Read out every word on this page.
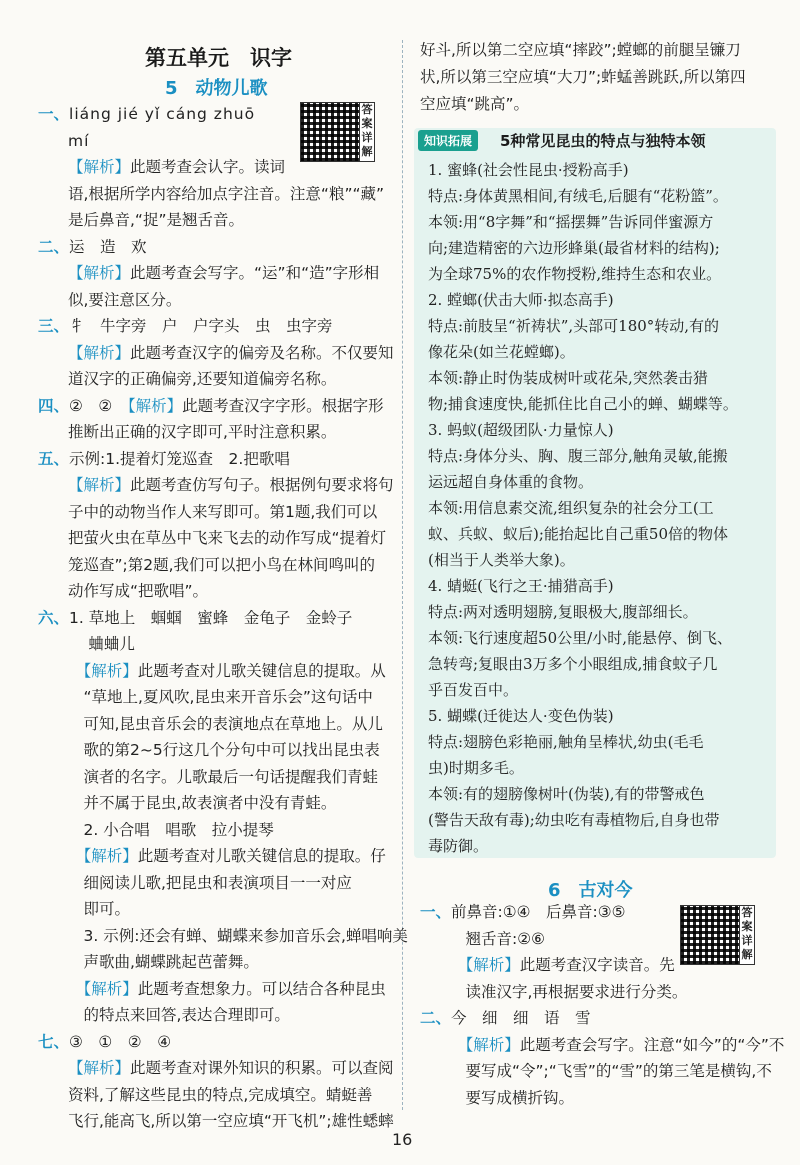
第五单元　识字
5　动物儿歌
答案详解
一、liáng jié yǐ cáng zhuō
mí
【解析】此题考查会认字。读词
语,根据所学内容给加点字注音。注意“粮”“藏”
是后鼻音,“捉”是翘舌音。
二、运　造　欢
【解析】此题考查会写字。“运”和“造”字形相
似,要注意区分。
三、牜　牛字旁　户　户字头　虫　虫字旁
【解析】此题考查汉字的偏旁及名称。不仅要知
道汉字的正确偏旁,还要知道偏旁名称。
四、②　②　【解析】此题考查汉字字形。根据字形
推断出正确的汉字即可,平时注意积累。
五、示例:1.提着灯笼巡查　2.把歌唱
【解析】此题考查仿写句子。根据例句要求将句
子中的动物当作人来写即可。第1题,我们可以
把萤火虫在草丛中飞来飞去的动作写成“提着灯
笼巡查”;第2题,我们可以把小鸟在林间鸣叫的
动作写成“把歌唱”。
六、1. 草地上　蝈蝈　蜜蜂　金龟子　金蛉子
　 蛐蛐儿
　【解析】此题考查对儿歌关键信息的提取。从
　“草地上,夏风吹,昆虫来开音乐会”这句话中
　可知,昆虫音乐会的表演地点在草地上。从儿
　歌的第2~5行这几个分句中可以找出昆虫表
　演者的名字。儿歌最后一句话提醒我们青蛙
　并不属于昆虫,故表演者中没有青蛙。
　2. 小合唱　唱歌　拉小提琴
　【解析】此题考查对儿歌关键信息的提取。仔
　细阅读儿歌,把昆虫和表演项目一一对应
　即可。
　3. 示例:还会有蝉、蝴蝶来参加音乐会,蝉唱响美
　声歌曲,蝴蝶跳起芭蕾舞。
　【解析】此题考查想象力。可以结合各种昆虫
　的特点来回答,表达合理即可。
七、③　①　②　④
【解析】此题考查对课外知识的积累。可以查阅
资料,了解这些昆虫的特点,完成填空。蜻蜓善
飞行,能高飞,所以第一空应填“开飞机”;雄性蟋蟀
好斗,所以第二空应填“摔跤”;螳螂的前腿呈镰刀
状,所以第三空应填“大刀”;蚱蜢善跳跃,所以第四
空应填“跳高”。
知识拓展	5种常见昆虫的特点与独特本领
1. 蜜蜂(社会性昆虫·授粉高手)
特点:身体黄黑相间,有绒毛,后腿有“花粉篮”。
本领:用“8字舞”和“摇摆舞”告诉同伴蜜源方
向;建造精密的六边形蜂巢(最省材料的结构);
为全球75%的农作物授粉,维持生态和农业。
2. 螳螂(伏击大师·拟态高手)
特点:前肢呈“祈祷状”,头部可180°转动,有的
像花朵(如兰花螳螂)。
本领:静止时伪装成树叶或花朵,突然袭击猎
物;捕食速度快,能抓住比自己小的蝉、蝴蝶等。
3. 蚂蚁(超级团队·力量惊人)
特点:身体分头、胸、腹三部分,触角灵敏,能搬
运远超自身体重的食物。
本领:用信息素交流,组织复杂的社会分工(工
蚁、兵蚁、蚁后);能抬起比自己重50倍的物体
(相当于人类举大象)。
4. 蜻蜓(飞行之王·捕猎高手)
特点:两对透明翅膀,复眼极大,腹部细长。
本领:飞行速度超50公里/小时,能悬停、倒飞、
急转弯;复眼由3万多个小眼组成,捕食蚊子几
乎百发百中。
5. 蝴蝶(迁徙达人·变色伪装)
特点:翅膀色彩艳丽,触角呈棒状,幼虫(毛毛
虫)时期多毛。
本领:有的翅膀像树叶(伪装),有的带警戒色
(警告天敌有毒);幼虫吃有毒植物后,自身也带
毒防御。
6　古对今
答案详解
一、前鼻音:①④　后鼻音:③⑤
　翘舌音:②⑥
　【解析】此题考查汉字读音。先
　读准汉字,再根据要求进行分类。
二、今　细　细　语　雪
　【解析】此题考查会写字。注意“如今”的“今”不
　要写成“令”;“飞雪”的“雪”的第三笔是横钩,不
　要写成横折钩。
16
